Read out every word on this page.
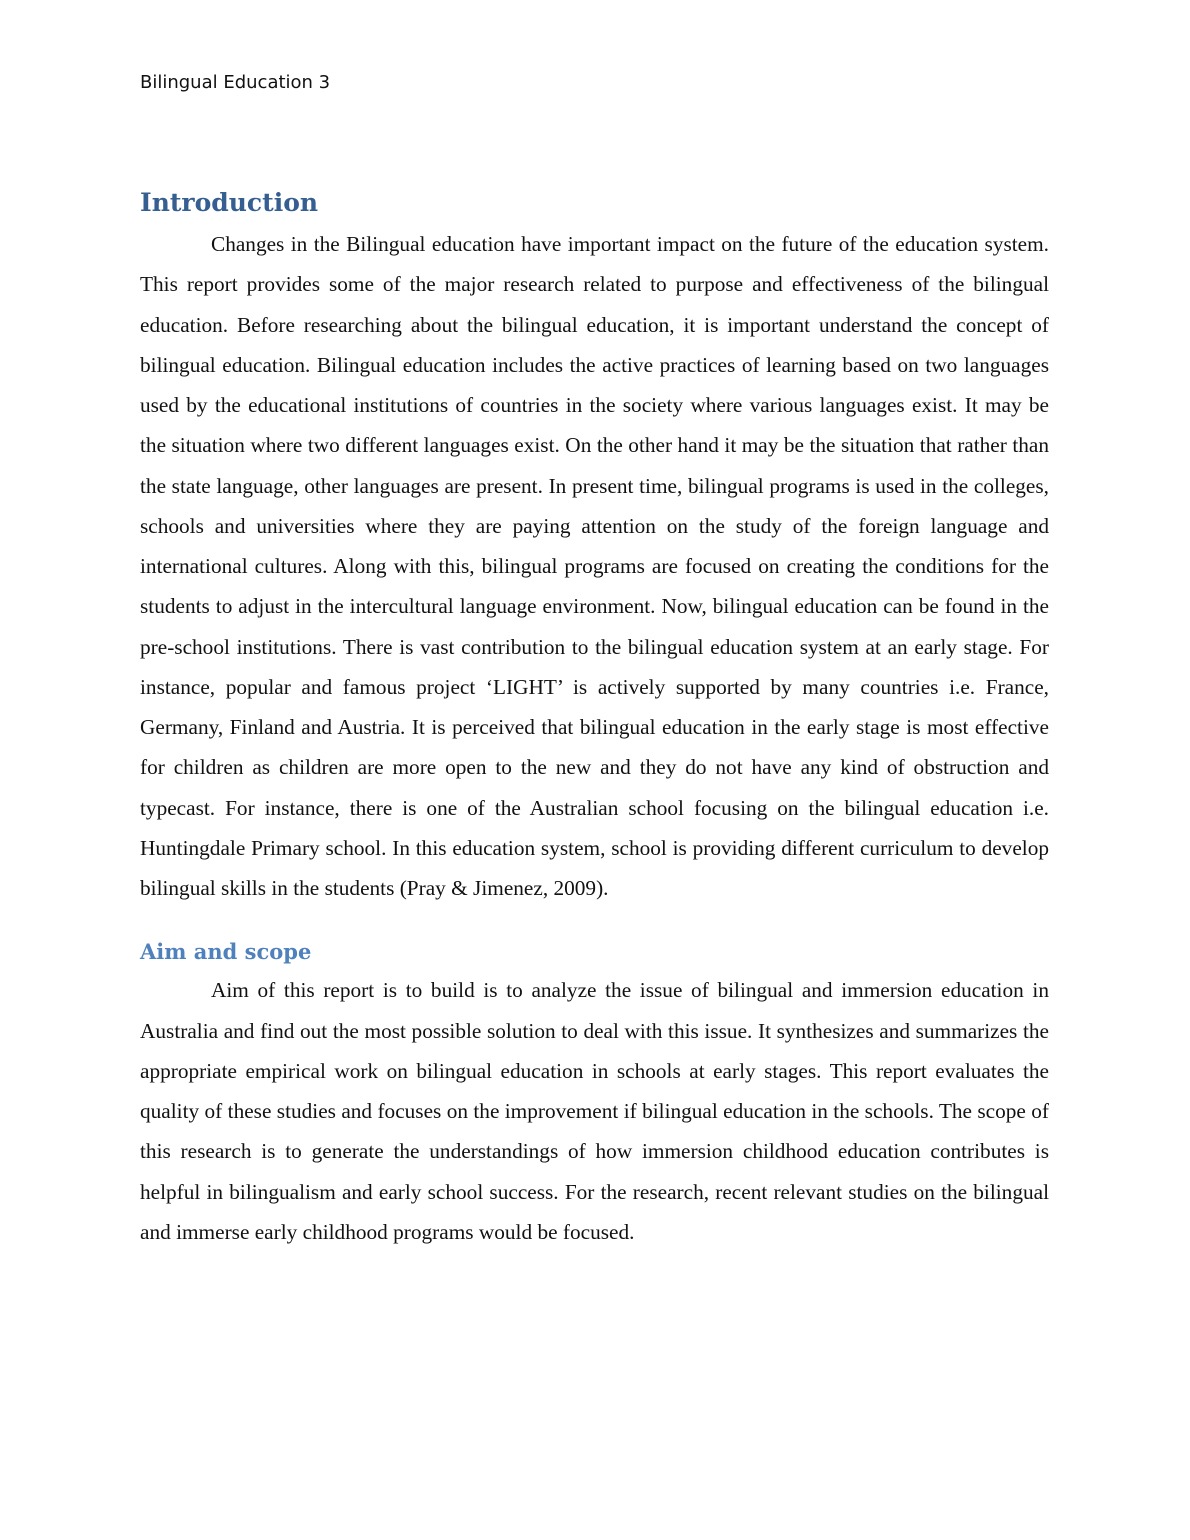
Bilingual Education 3
Introduction

Changes in the Bilingual education have important impact on the future of the education system. This report provides some of the major research related to purpose and effectiveness of the bilingual education. Before researching about the bilingual education, it is important understand the concept of bilingual education. Bilingual education includes the active practices of learning based on two languages used by the educational institutions of countries in the society where various languages exist. It may be the situation where two different languages exist. On the other hand it may be the situation that rather than the state language, other languages are present. In present time, bilingual programs is used in the colleges, schools and universities where they are paying attention on the study of the foreign language and international cultures. Along with this, bilingual programs are focused on creating the conditions for the students to adjust in the intercultural language environment. Now, bilingual education can be found in the pre-school institutions. There is vast contribution to the bilingual education system at an early stage. For instance, popular and famous project ‘LIGHT’ is actively supported by many countries i.e. France, Germany, Finland and Austria. It is perceived that bilingual education in the early stage is most effective for children as children are more open to the new and they do not have any kind of obstruction and typecast. For instance, there is one of the Australian school focusing on the bilingual education i.e. Huntingdale Primary school. In this education system, school is providing different curriculum to develop bilingual skills in the students (Pray & Jimenez, 2009).

Aim and scope

Aim of this report is to build is to analyze the issue of bilingual and immersion education in Australia and find out the most possible solution to deal with this issue. It synthesizes and summarizes the appropriate empirical work on bilingual education in schools at early stages. This report evaluates the quality of these studies and focuses on the improvement if bilingual education in the schools. The scope of this research is to generate the understandings of how immersion childhood education contributes is helpful in bilingualism and early school success. For the research, recent relevant studies on the bilingual and immerse early childhood programs would be focused.
